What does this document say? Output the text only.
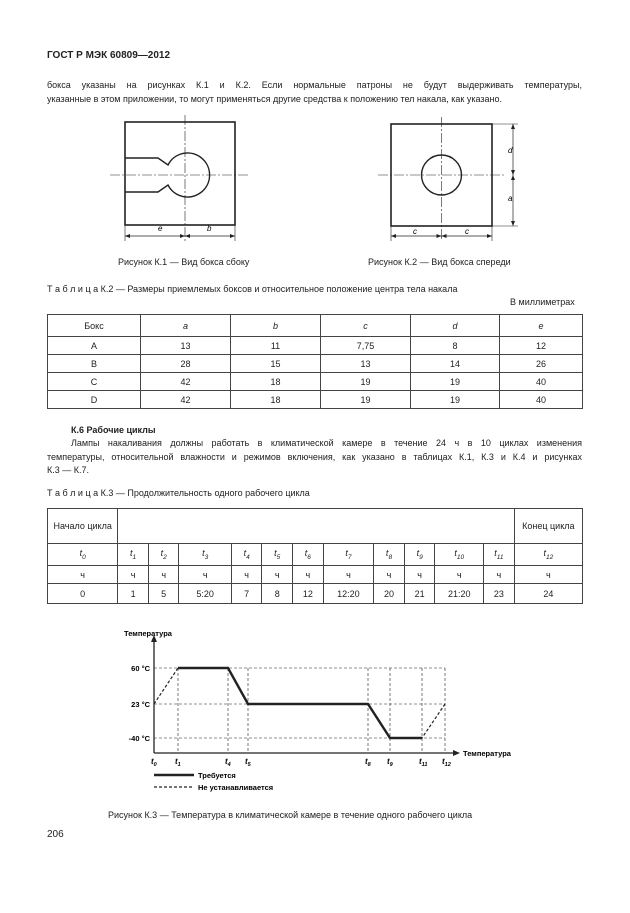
ГОСТ Р МЭК 60809—2012
бокса указаны на рисунках К.1 и К.2. Если нормальные патроны не будут выдерживать температуры,
указанные в этом приложении, то могут применяться другие средства к положению тел накала, как указано.
e	b
Рисунок К.1 — Вид бокса сбоку
c	c
d
a
Рисунок К.2 — Вид бокса спереди
Т а б л и ц а К.2 — Размеры приемлемых боксов и относительное положение центра тела накала
В миллиметрах
Бокс	a	b	c	d	e
A	13	11	7,75	8	12
B	28	15	13	14	26
C	42	18	19	19	40
D	42	18	19	19	40
К.6 Рабочие циклы
Лампы накаливания должны работать в климатической камере в течение 24 ч в 10 циклах изменения
температуры, относительной влажности и режимов включения, как указано в таблицах К.1, К.3 и К.4 и рисунках
К.3 — К.7.
Т а б л и ц а К.3 — Продолжительность одного рабочего цикла
Начало цикла												Конец цикла
$t_0$	$t_1$	$t_2$	$t_3$	$t_4$	$t_5$	$t_6$	$t_7$	$t_8$	$t_9$	$t_{10}$	$t_{11}$	$t_{12}$
ч	ч	ч	ч	ч	ч	ч	ч	ч	ч	ч	ч	ч
0	1	5	5:20	7	8	12	12:20	20	21	21:20	23	24
Температура
Температура
60 °C
23 °C
-40 °C
$t_0$ $t_1$	$t_4$ $t_5$	$t_8$ $t_9$	$t_{11}$ $t_{12}$
Требуется
Не устанавливается
Рисунок К.3 — Температура в климатической камере в течение одного рабочего цикла
206
